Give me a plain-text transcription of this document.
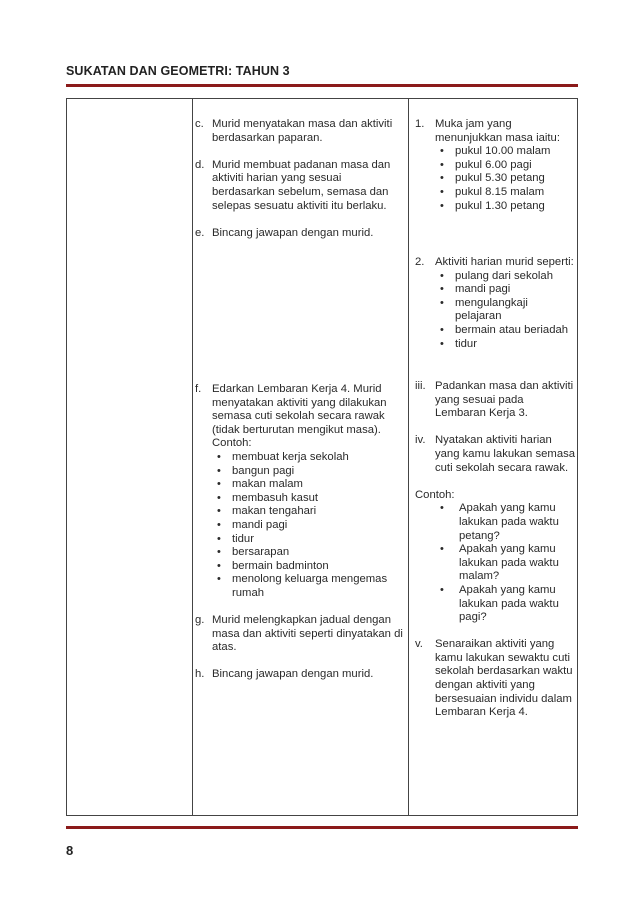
SUKATAN DAN GEOMETRI: TAHUN 3
c. Murid menyatakan masa dan aktiviti berdasarkan paparan.
d. Murid membuat padanan masa dan aktiviti harian yang sesuai berdasarkan sebelum, semasa dan selepas sesuatu aktiviti itu berlaku.
e. Bincang jawapan dengan murid.
f. Edarkan Lembaran Kerja 4. Murid menyatakan aktiviti yang dilakukan semasa cuti sekolah secara rawak (tidak berturutan mengikut masa).
Contoh:
• membuat kerja sekolah
• bangun pagi
• makan malam
• membasuh kasut
• makan tengahari
• mandi pagi
• tidur
• bersarapan
• bermain badminton
• menolong keluarga mengemas rumah
g. Murid melengkapkan jadual dengan masa dan aktiviti seperti dinyatakan di atas.
h. Bincang jawapan dengan murid.
1. Muka jam yang menunjukkan masa iaitu:
• pukul 10.00 malam
• pukul 6.00 pagi
• pukul 5.30 petang
• pukul 8.15 malam
• pukul 1.30 petang
2. Aktiviti harian murid seperti:
• pulang dari sekolah
• mandi pagi
• mengulangkaji pelajaran
• bermain atau beriadah
• tidur
iii. Padankan masa dan aktiviti yang sesuai pada Lembaran Kerja 3.
iv. Nyatakan aktiviti harian yang kamu lakukan semasa cuti sekolah secara rawak.
Contoh:
• Apakah yang kamu lakukan pada waktu petang?
• Apakah yang kamu lakukan pada waktu malam?
• Apakah yang kamu lakukan pada waktu pagi?
v. Senaraikan aktiviti yang kamu lakukan sewaktu cuti sekolah berdasarkan waktu dengan aktiviti yang bersesuaian individu dalam Lembaran Kerja 4.
8
